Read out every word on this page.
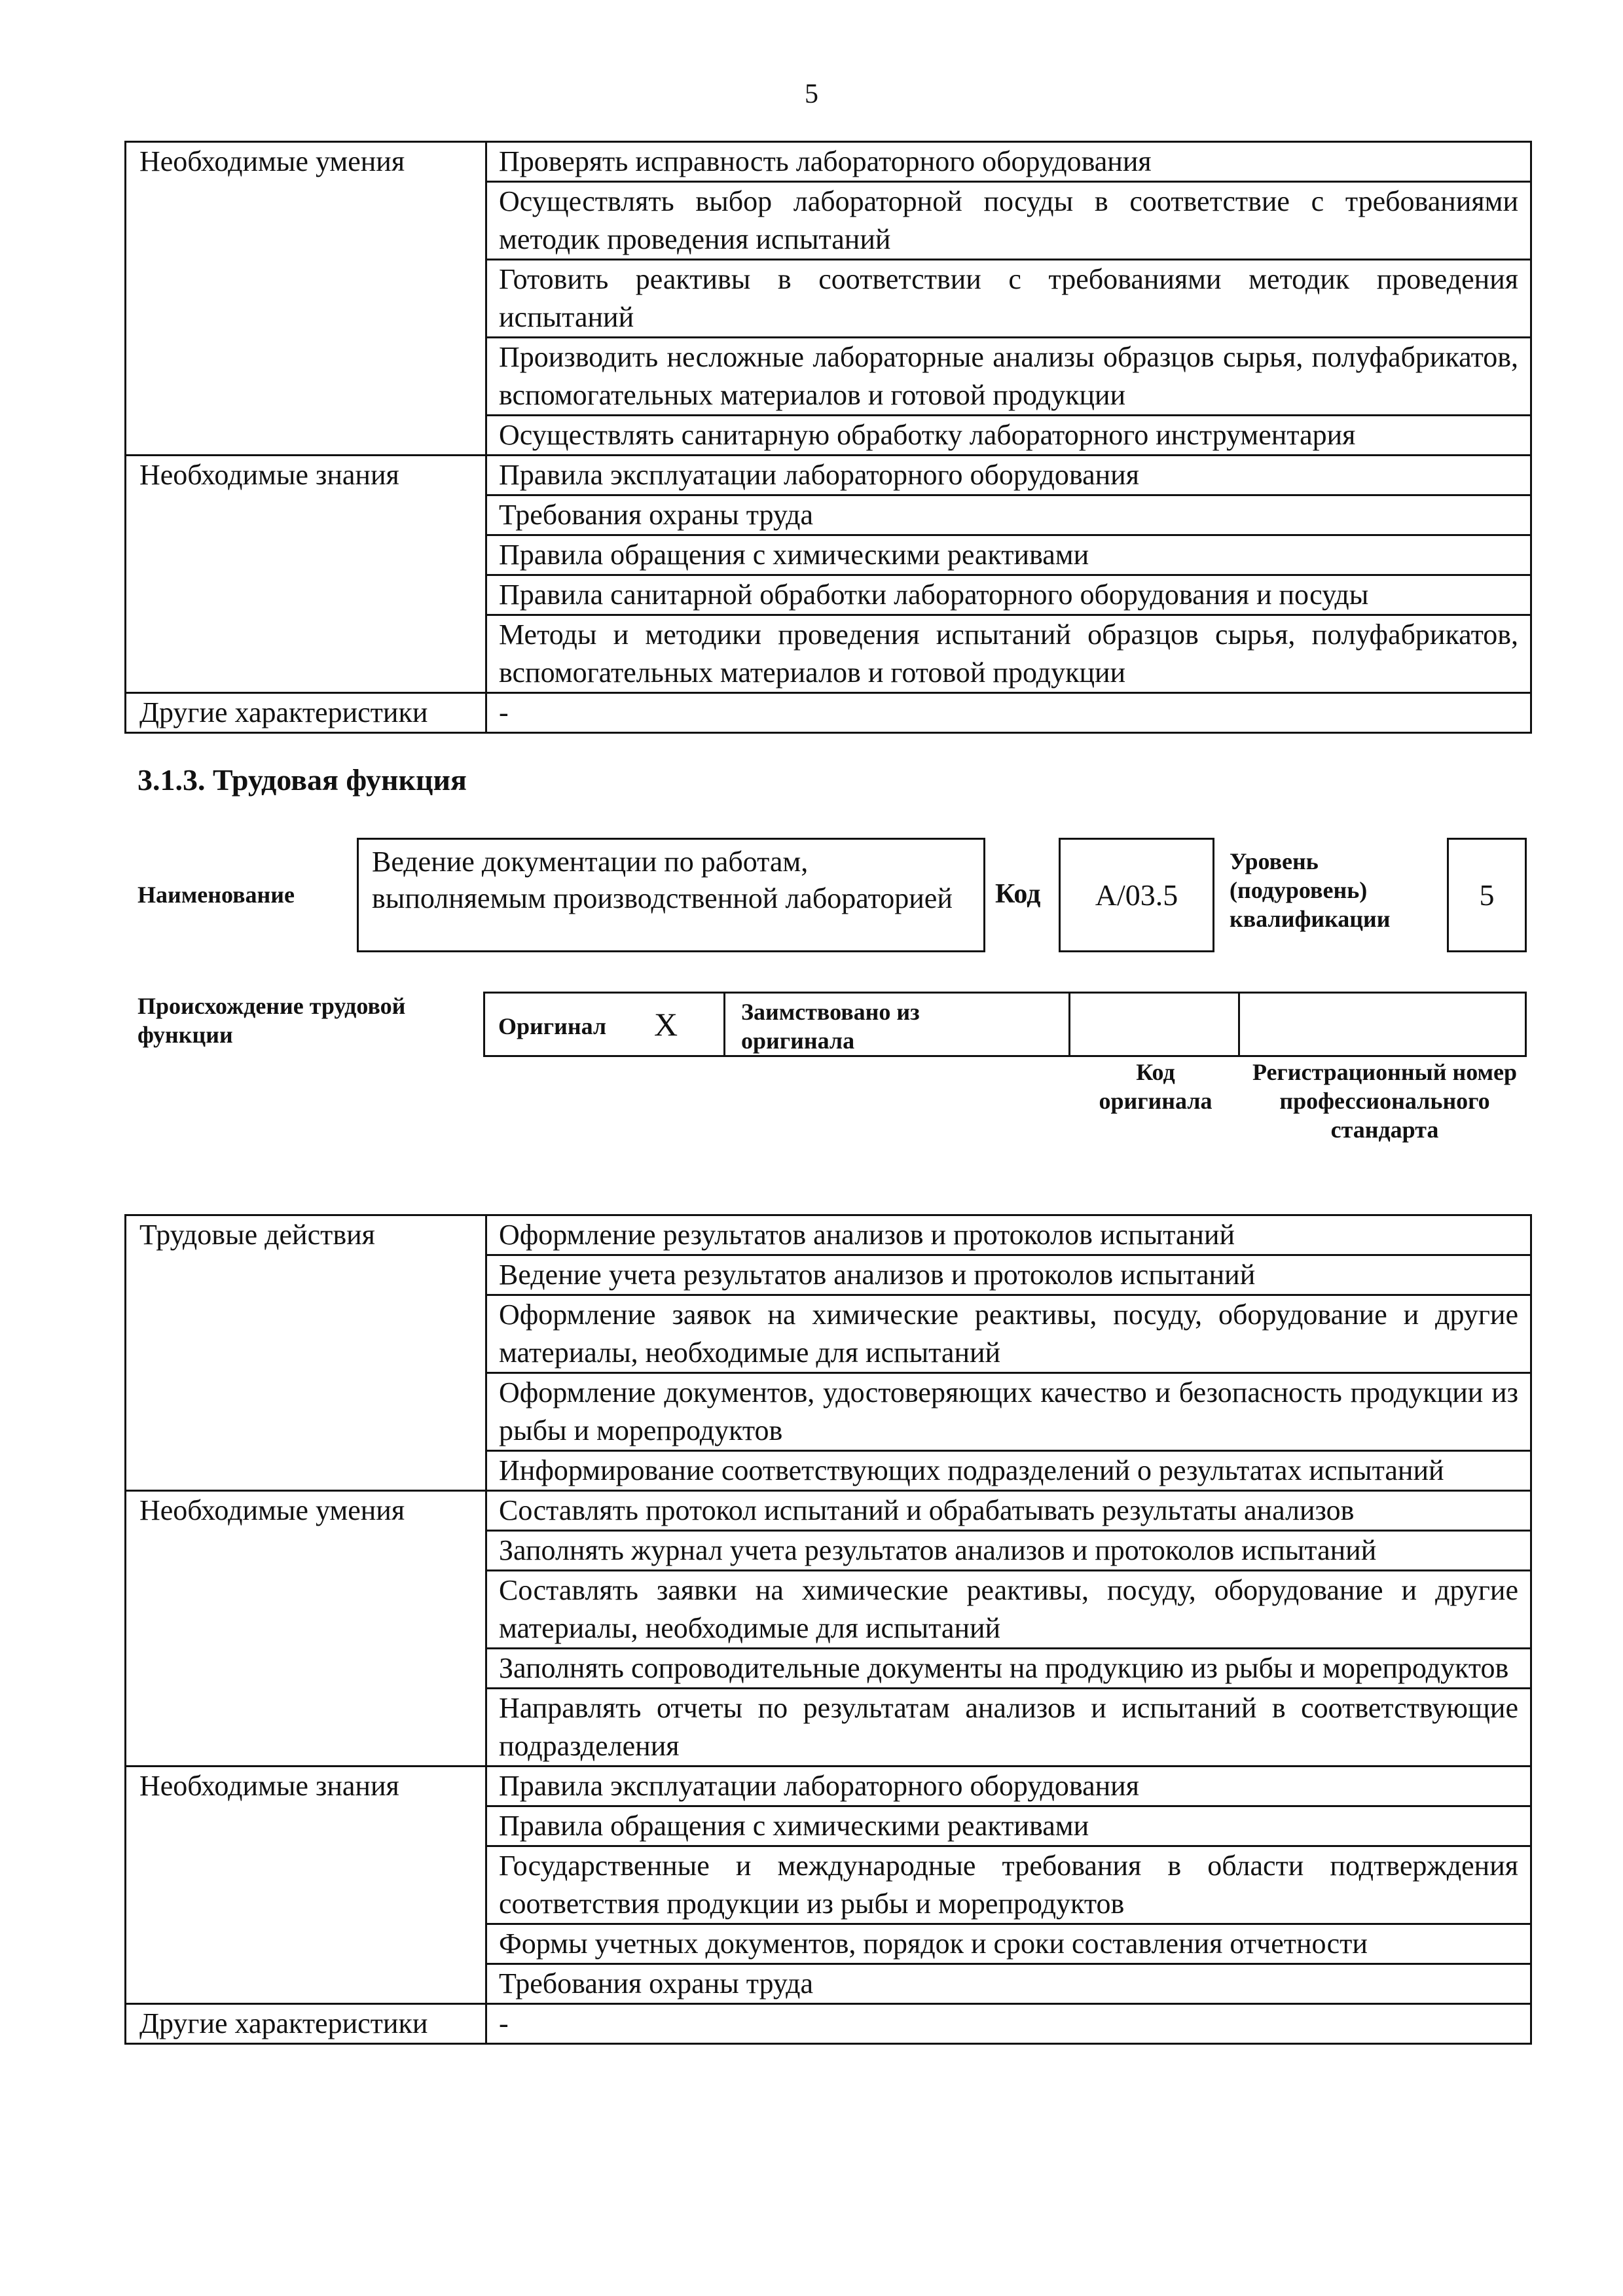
5
Необходимые умения	Проверять исправность лабораторного оборудования
	Осуществлять выбор лабораторной посуды в соответствие с требованиями методик проведения испытаний
	Готовить реактивы в соответствии с требованиями методик проведения испытаний
	Производить несложные лабораторные анализы образцов сырья, полуфабрикатов, вспомогательных материалов и готовой продукции
	Осуществлять санитарную обработку лабораторного инструментария
Необходимые знания	Правила эксплуатации лабораторного оборудования
	Требования охраны труда
	Правила обращения с химическими реактивами
	Правила санитарной обработки лабораторного оборудования и посуды
	Методы и методики проведения испытаний образцов сырья, полуфабрикатов, вспомогательных материалов и готовой продукции
Другие характеристики	-
3.1.3. Трудовая функция
Наименование
Ведение документации по работам, выполняемым производственной лабораторией	Код	A/03.5
Уровень (подуровень) квалификации
5
Происхождение трудовой функции	Оригинал X	Заимствовано из оригинала
Код оригинала
Регистрационный номер профессионального стандарта
Трудовые действия	Оформление результатов анализов и протоколов испытаний
	Ведение учета результатов анализов и протоколов испытаний
	Оформление заявок на химические реактивы, посуду, оборудование и другие материалы, необходимые для испытаний
	Оформление документов, удостоверяющих качество и безопасность продукции из рыбы и морепродуктов
	Информирование соответствующих подразделений о результатах испытаний
Необходимые умения	Составлять протокол испытаний и обрабатывать результаты анализов
	Заполнять журнал учета результатов анализов и протоколов испытаний
	Составлять заявки на химические реактивы, посуду, оборудование и другие материалы, необходимые для испытаний
	Заполнять сопроводительные документы на продукцию из рыбы и морепродуктов
	Направлять отчеты по результатам анализов и испытаний в соответствующие подразделения
Необходимые знания	Правила эксплуатации лабораторного оборудования
	Правила обращения с химическими реактивами
	Государственные и международные требования в области подтверждения соответствия продукции из рыбы и морепродуктов
	Формы учетных документов, порядок и сроки составления отчетности
	Требования охраны труда
Другие характеристики	-
